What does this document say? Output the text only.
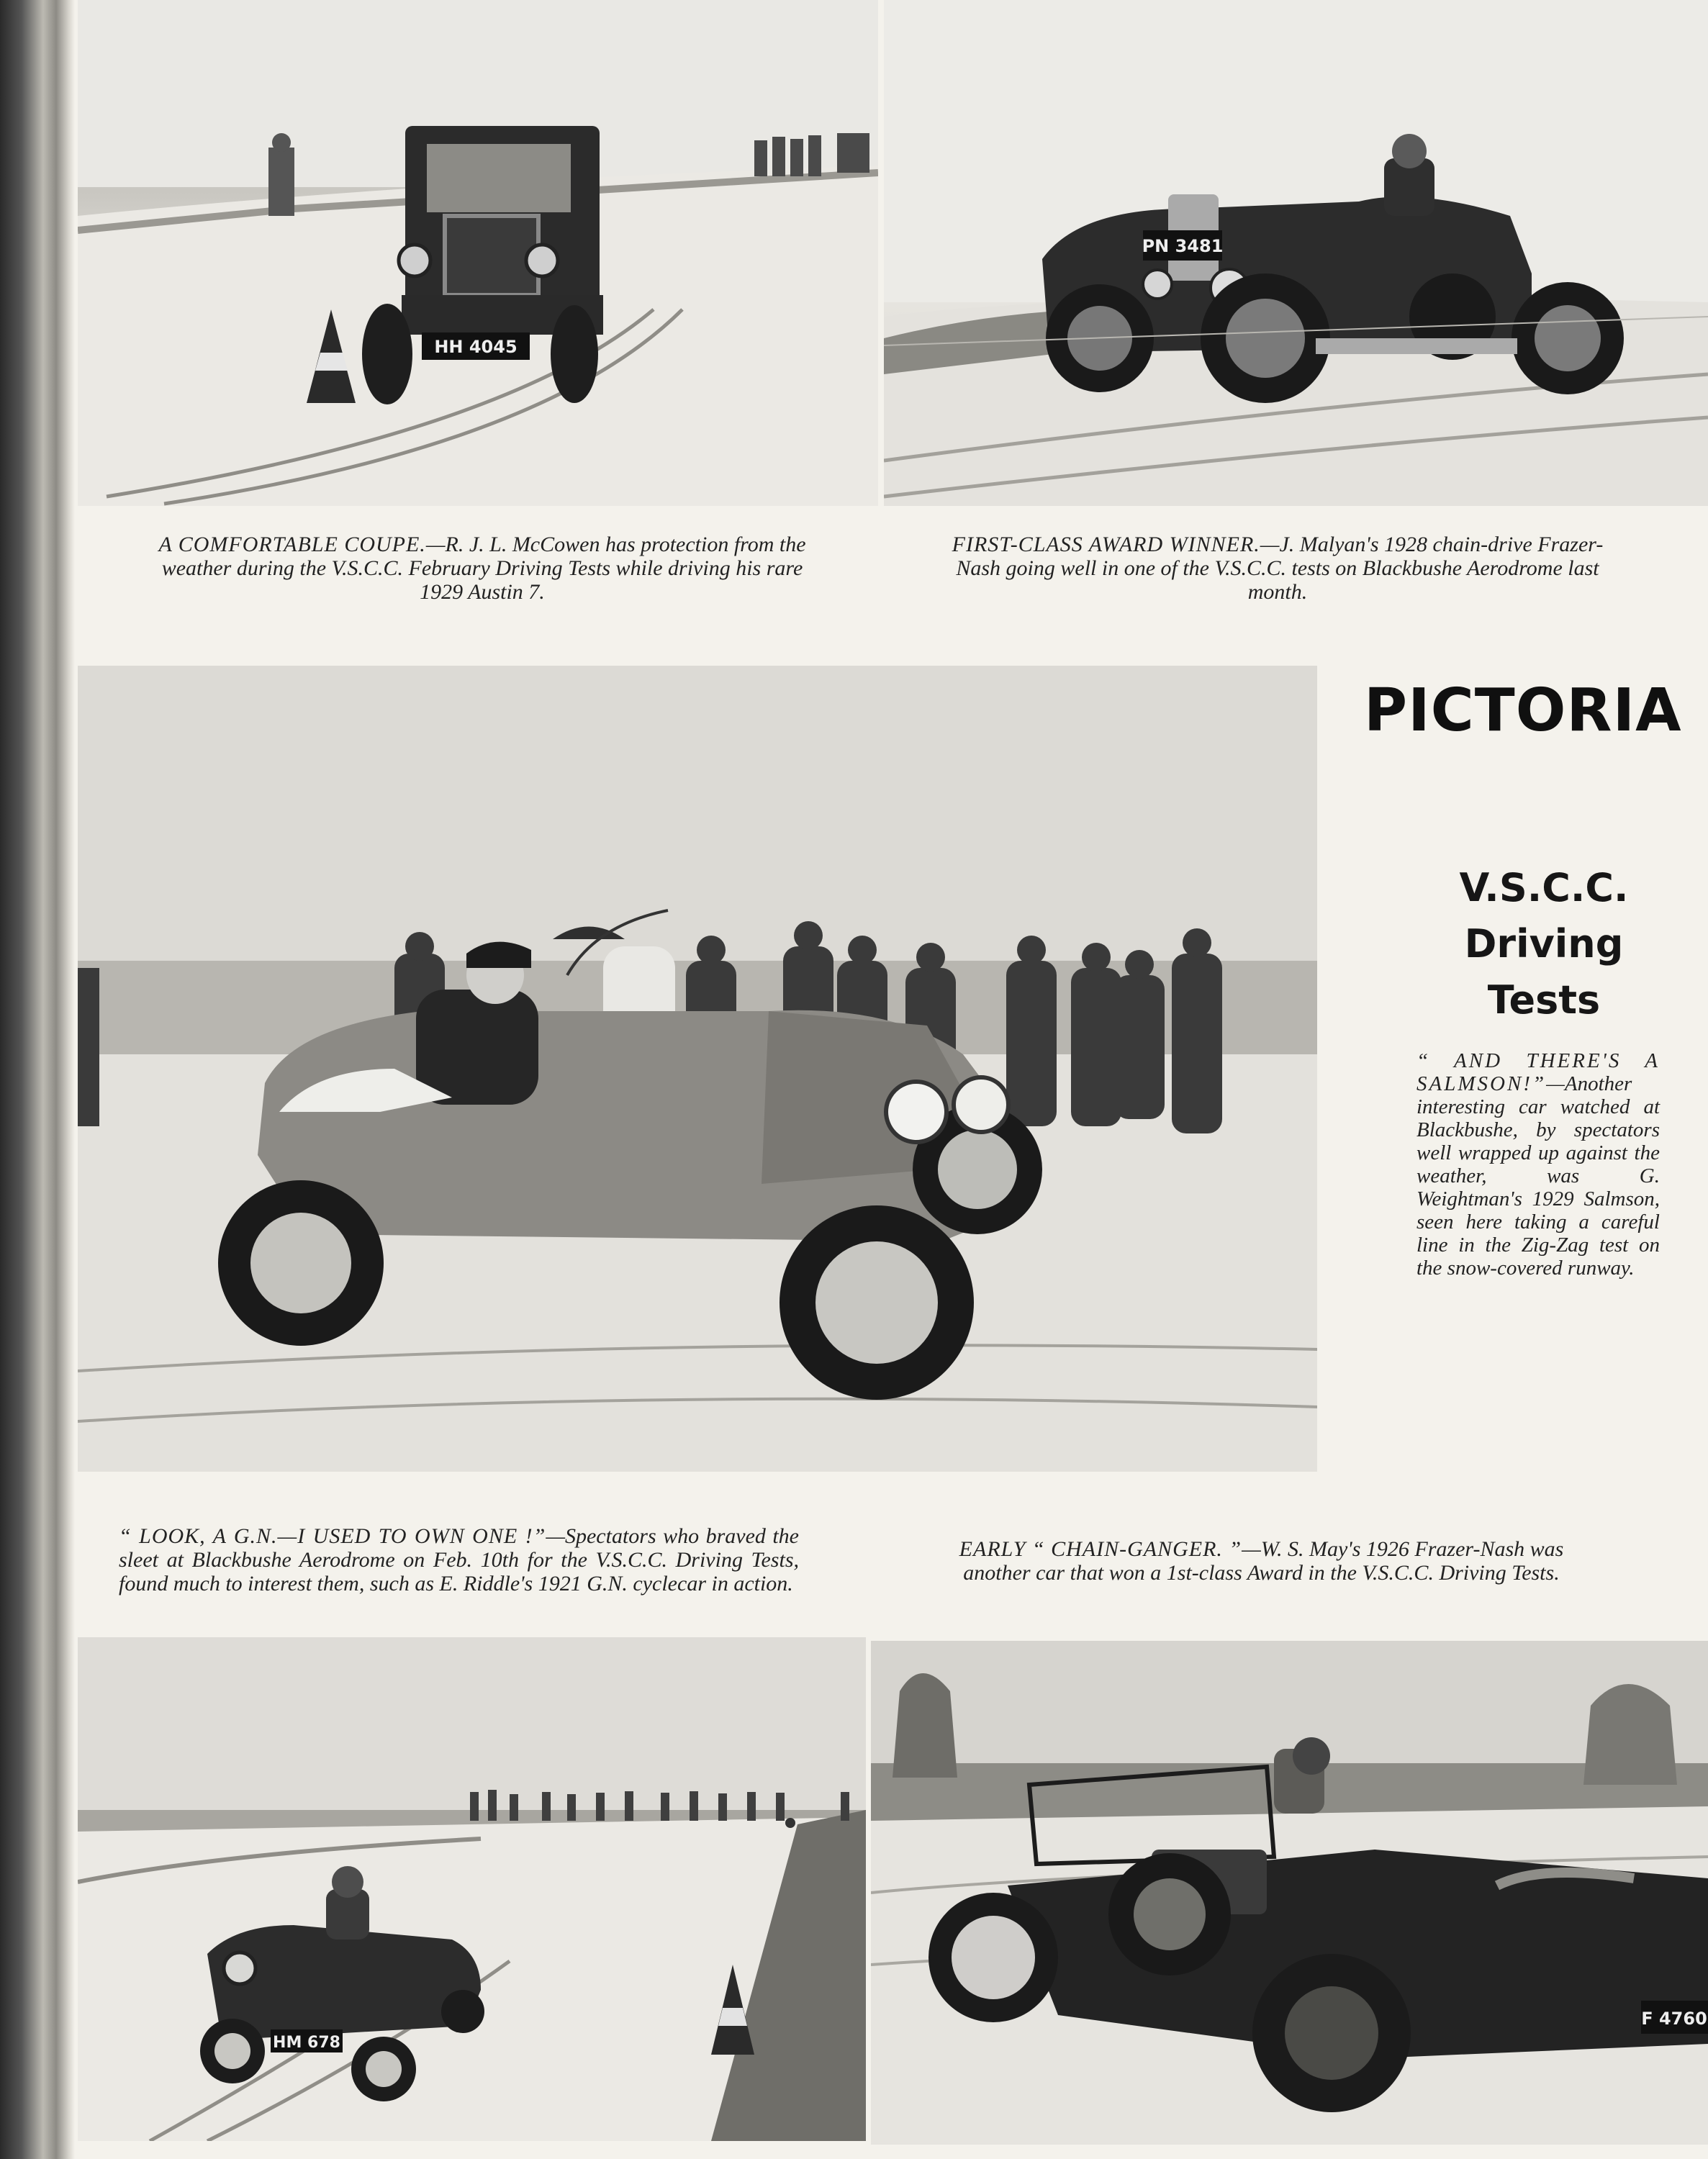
HH 4045
PN 3481
A COMFORTABLE COUPE.—R. J. L. McCowen has protection from the weather during the V.S.C.C. February Driving Tests while driving his rare 1929 Austin 7.
FIRST-CLASS AWARD WINNER.—J. Malyan's 1928 chain-drive Frazer-Nash going well in one of the V.S.C.C. tests on Blackbushe Aerodrome last month.
PICTORIA
V.S.C.C.
Driving
Tests
“ AND THERE'S A SALMSON!”—Another interesting car watched at Blackbushe, by spectators well wrapped up against the weather, was G. Weightman's 1929 Salmson, seen here taking a careful line in the Zig-Zag test on the snow-covered runway.
“ LOOK, A G.N.—I USED TO OWN ONE !”—Spectators who braved the sleet at Blackbushe Aerodrome on Feb. 10th for the V.S.C.C. Driving Tests, found much to interest them, such as E. Riddle's 1921 G.N. cyclecar in action.
EARLY “ CHAIN-GANGER. ”—W. S. May's 1926 Frazer-Nash was another car that won a 1st-class Award in the V.S.C.C. Driving Tests.
HM 678
F 4760
